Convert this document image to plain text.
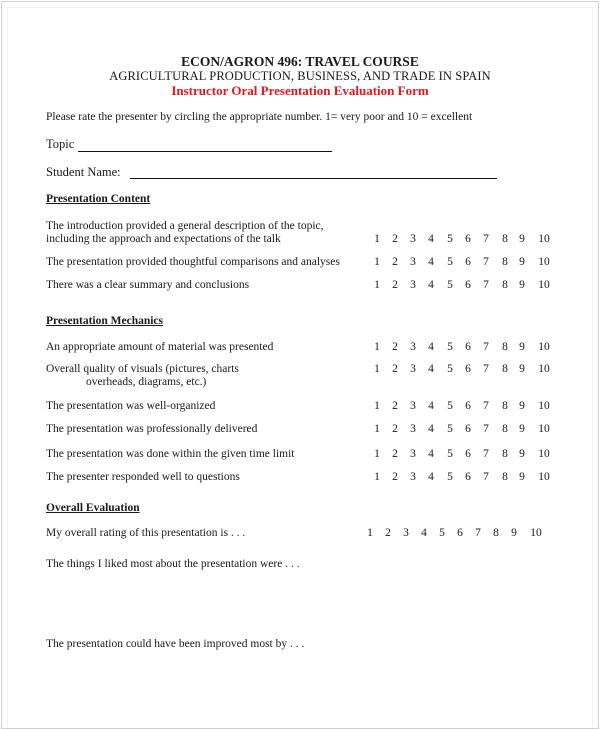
ECON/AGRON 496: TRAVEL COURSE
AGRICULTURAL PRODUCTION, BUSINESS, AND TRADE IN SPAIN
Instructor Oral Presentation Evaluation Form
Please rate the presenter by circling the appropriate number. 1= very poor and 10 = excellent
Topic
Student Name:
Presentation Content
The introduction provided a general description of the topic,
including the approach and expectations of the talk	1	2	3	4	5	6	7	8 9	10
The presentation provided thoughtful comparisons and analyses	1	2	3	4	5	6	7	8 9	10
There was a clear summary and conclusions	1	2	3	4	5	6	7	8 9	10
Presentation Mechanics
An appropriate amount of material was presented	1	2	3	4	5	6	7	8 9	10
Overall quality of visuals (pictures, charts
overheads, diagrams, etc.)
1	2	3	4	5	6	7	8 9	10
The presentation was well-organized	1	2	3	4	5	6	7	8 9	10
The presentation was professionally delivered	1	2	3	4	5	6	7	8 9	10
The presentation was done within the given time limit	1	2	3	4	5	6	7	8 9	10
The presenter responded well to questions	1	2	3	4	5	6	7	8 9	10
Overall Evaluation
My overall rating of this presentation is . . .	1	2	3	4	5	6	7	8	9	10
The things I liked most about the presentation were . . .
The presentation could have been improved most by . . .
